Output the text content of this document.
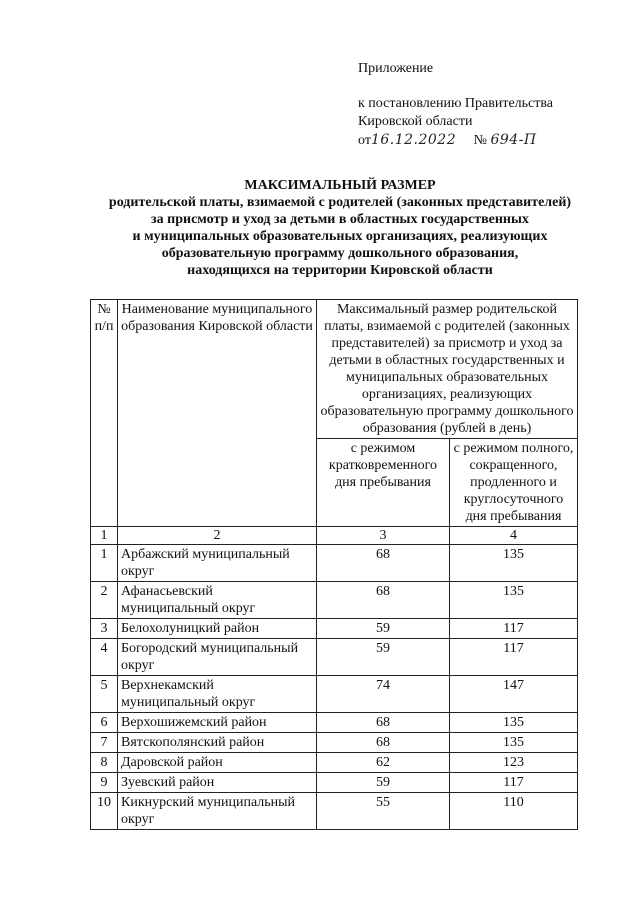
Приложение
к постановлению Правительства
Кировской области
от16.12.2022 № 694-П
МАКСИМАЛЬНЫЙ РАЗМЕР
родительской платы, взимаемой с родителей (законных представителей)
за присмотр и уход за детьми в областных государственных
и муниципальных образовательных организациях, реализующих
образовательную программу дошкольного образования,
находящихся на территории Кировской области
№ п/п	Наименование муниципального образования Кировской области	Максимальный размер родительской платы, взимаемой с родителей (законных представителей) за присмотр и уход за детьми в областных государственных и муниципальных образовательных организациях, реализующих образовательную программу дошкольного образования (рублей в день)	
		с режимом кратковременного дня пребывания	с режимом полного, сокращенного, продленного и круглосуточного дня пребывания
1	2	3	4
1	Арбажский муниципальный округ	68	135
2	Афанасьевский муниципальный округ	68	135
3	Белохолуницкий район	59	117
4	Богородский муниципальный округ	59	117
5	Верхнекамский муниципальный округ	74	147
6	Верхошижемский район	68	135
7	Вятскополянский район	68	135
8	Даровской район	62	123
9	Зуевский район	59	117
10	Кикнурский муниципальный округ	55	110
